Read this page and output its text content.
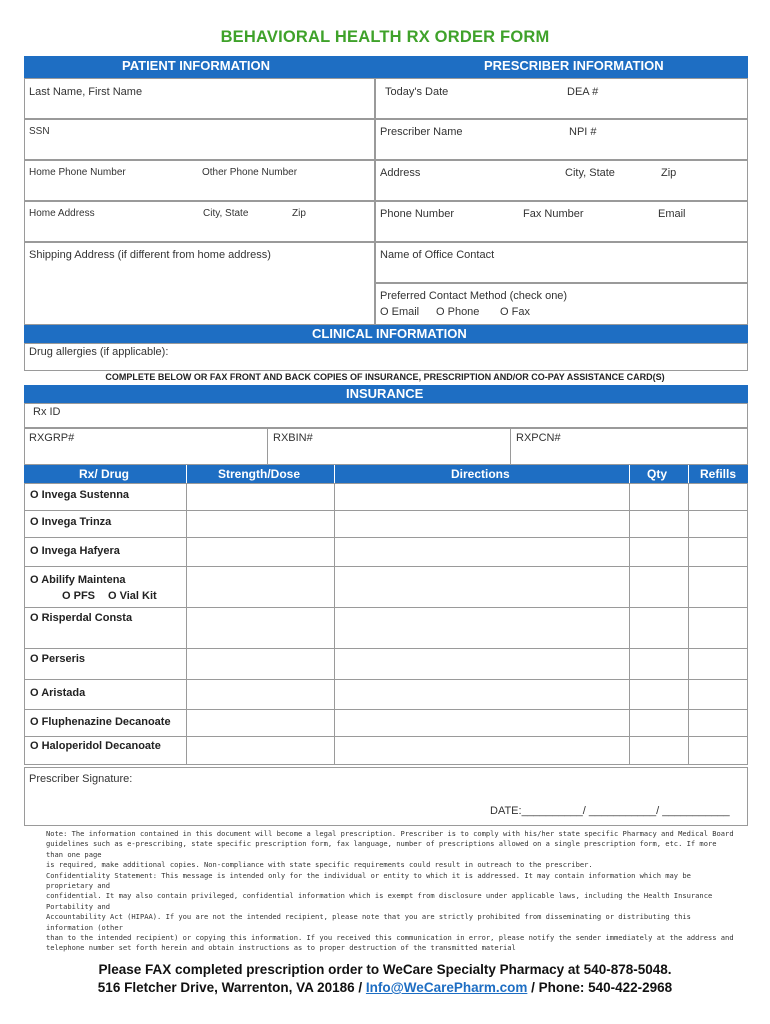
BEHAVIORAL HEALTH RX ORDER FORM
PATIENT INFORMATION	PRESCRIBER INFORMATION
Last Name, First Name
SSN
Home Phone Number	Other Phone Number
Home Address	City, State	Zip
Shipping Address (if different from home address)
Today's Date	DEA #
Prescriber Name	NPI #
Address	City, State	Zip
Phone Number	Fax Number	Email
Name of Office Contact
Preferred Contact Method (check one)
O Email O Phone O Fax
CLINICAL INFORMATION
Drug allergies (if applicable):
COMPLETE BELOW OR FAX FRONT AND BACK COPIES OF INSURANCE, PRESCRIPTION AND/OR CO-PAY ASSISTANCE CARD(S)
INSURANCE
Rx ID
RXGRP#	RXBIN#	RXPCN#
Rx/ Drug	Strength/Dose	Directions	Qty	Refills
O Invega Sustenna
O Invega Trinza
O Invega Hafyera
O Abilify Maintena
O PFS O Vial Kit
O Risperdal Consta
O Perseris
O Aristada
O Fluphenazine Decanoate
O Haloperidol Decanoate
Prescriber Signature:
DATE:__________/ ___________/ ___________

Note: The information contained in this document will become a legal prescription. Prescriber is to comply with his/her state specific Pharmacy and Medical Board

guidelines such as e-prescribing, state specific prescription form, fax language, number of prescriptions allowed on a single prescription form, etc. If more than one page

is required, make additional copies. Non-compliance with state specific requirements could result in outreach to the prescriber.

Confidentiality Statement: This message is intended only for the individual or entity to which it is addressed. It may contain information which may be proprietary and

confidential. It may also contain privileged, confidential information which is exempt from disclosure under applicable laws, including the Health Insurance Portability and

Accountability Act (HIPAA). If you are not the intended recipient, please note that you are strictly prohibited from disseminating or distributing this information (other

than to the intended recipient) or copying this information. If you received this communication in error, please notify the sender immediately at the address and

telephone number set forth herein and obtain instructions as to proper destruction of the transmitted material

Please FAX completed prescription order to WeCare Specialty Pharmacy at 540-878-5048.
516 Fletcher Drive, Warrenton, VA 20186 / Info@WeCarePharm.com / Phone: 540-422-2968
